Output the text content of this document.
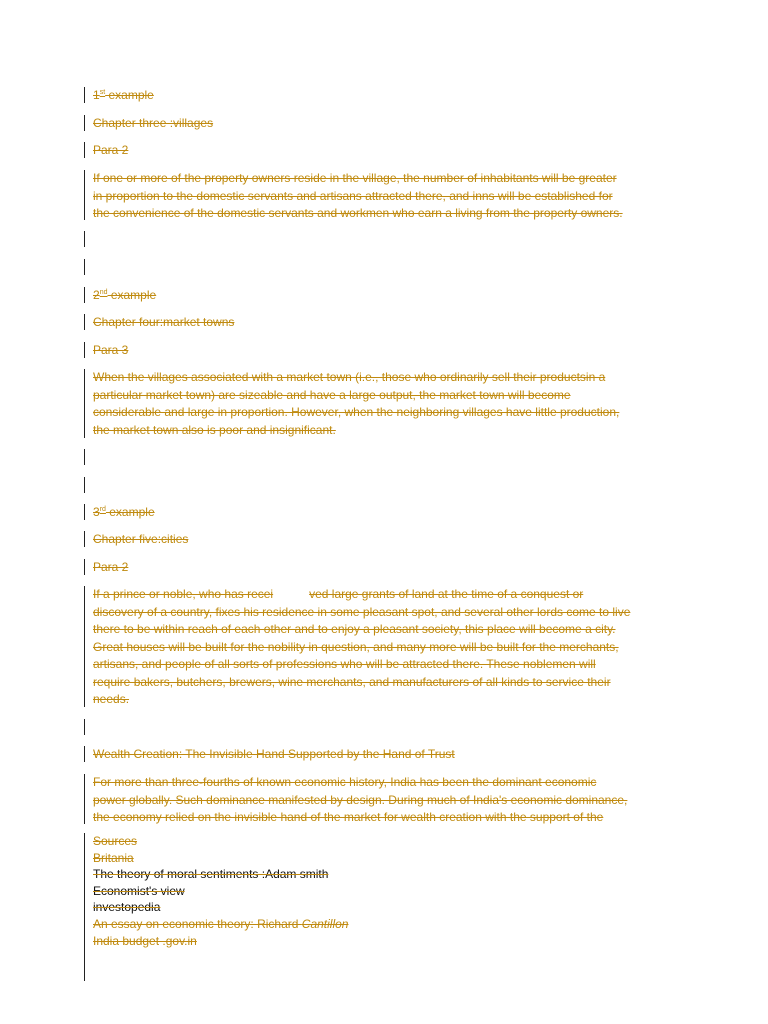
1st example
Chapter three :villages
Para 2
If one or more of the property owners reside in the village, the number of inhabitants will be greater
in proportion to the domestic servants and artisans attracted there, and inns will be established for
the convenience of the domestic servants and workmen who earn a living from the property owners.
2nd example
Chapter four:market towns
Para 3
When the villages associated with a market town (i.e., those who ordinarily sell their productsin a
particular market town) are sizeable and have a large output, the market town will become
considerable and large in proportion. However, when the neighboring villages have little production,
the market town also is poor and insignificant.
3rd example
Chapter five:cities
Para 2
If a prince or noble, who has recei	ved large grants of land at the time of a conquest or
discovery of a country, fixes his residence in some pleasant spot, and several other lords come to live
there to be within reach of each other and to enjoy a pleasant society, this place will become a city.
Great houses will be built for the nobility in question, and many more will be built for the merchants,
artisans, and people of all sorts of professions who will be attracted there. These noblemen will
require bakers, butchers, brewers, wine merchants, and manufacturers of all kinds to service their
needs.
Wealth Creation: The Invisible Hand Supported by the Hand of Trust
For more than three-fourths of known economic history, India has been the dominant economic
power globally. Such dominance manifested by design. During much of India's economic dominance,
the economy relied on the invisible hand of the market for wealth creation with the support of the
Sources
Britania
The theory of moral sentiments :Adam smith
Economist's view
investopedia
An essay on economic theory: Richard Cantillon
India budget .gov.in
